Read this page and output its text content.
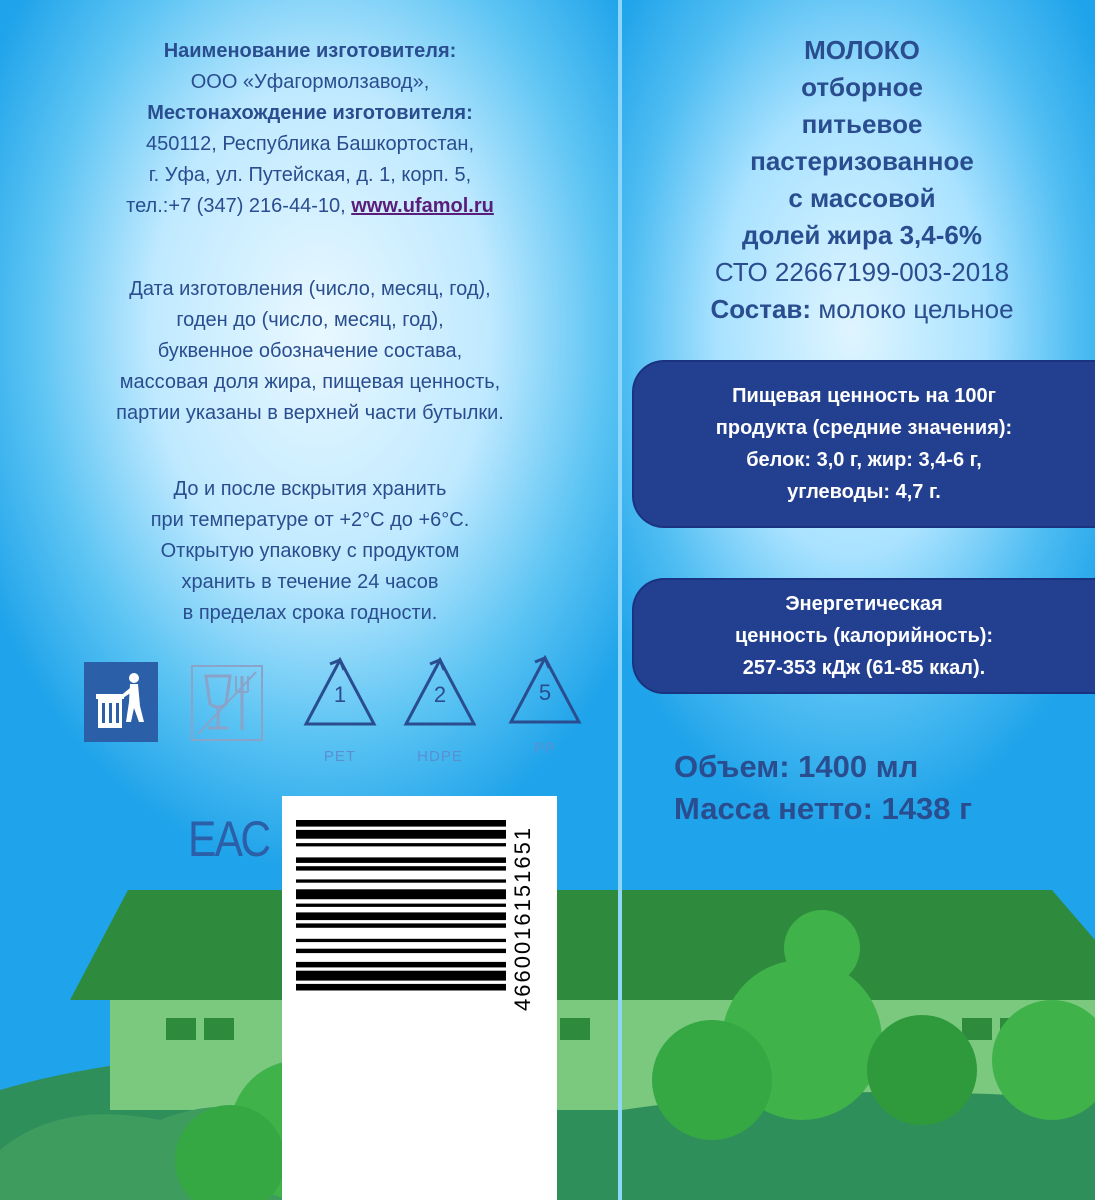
Наименование изготовителя:
ООО «Уфагормолзавод»,
Местонахождение изготовителя:
450112, Республика Башкортостан,
г. Уфа, ул. Путейская, д. 1, корп. 5,
тел.:+7 (347) 216-44-10, www.ufamol.ru
Дата изготовления (число, месяц, год),
годен до (число, месяц, год),
буквенное обозначение состава,
массовая доля жира, пищевая ценность,
партии указаны в верхней части бутылки.
До и после вскрытия хранить
при температуре от +2°С до +6°С.
Открытую упаковку с продуктом
хранить в течение 24 часов
в пределах срока годности.
1
PET
2
HDPE
5
PP
ЕАС	4660016151651
МОЛОКО
отборное
питьевое
пастеризованное
с массовой
долей жира 3,4-6%
СТО 22667199-003-2018
Состав: молоко цельное
Пищевая ценность на 100г
продукта (средние значения):
белок: 3,0 г, жир: 3,4-6 г,
углеводы: 4,7 г.
Энергетическая
ценность (калорийность):
257-353 кДж (61-85 ккал).
Объем: 1400 мл
Масса нетто: 1438 г
